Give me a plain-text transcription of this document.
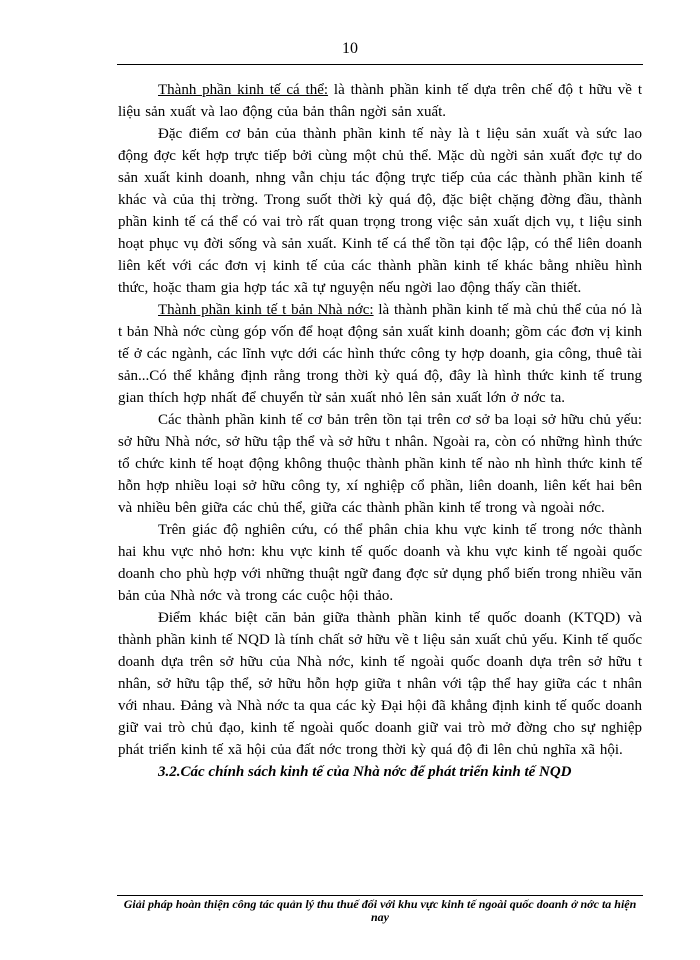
10

Thành phần kinh tế cá thể: là thành phần kinh tế dựa trên chế độ t hữu về t liệu sản xuất và lao động của bản thân ngời sản xuất.

Đặc điểm cơ bản của thành phần kinh tế này là t liệu sản xuất và sức lao động đợc kết hợp trực tiếp bởi cùng một chủ thể. Mặc dù ngời sản xuất đợc tự do sản xuất kinh doanh, nhng vẫn chịu tác động trực tiếp của các thành phần kinh tế khác và của thị trờng. Trong suốt thời kỳ quá độ, đặc biệt chặng đờng đầu, thành phần kinh tế cá thể có vai trò rất quan trọng trong việc sản xuất dịch vụ, t liệu sinh hoạt phục vụ đời sống và sản xuất. Kinh tế cá thể tồn tại độc lập, có thể liên doanh liên kết với các đơn vị kinh tế của các thành phần kinh tế khác bằng nhiều hình thức, hoặc tham gia hợp tác xã tự nguyện nếu ngời lao động thấy cần thiết.

Thành phần kinh tế t bản Nhà nớc: là thành phần kinh tế mà chủ thể của nó là t bản Nhà nớc cùng góp vốn để hoạt động sản xuất kinh doanh; gồm các đơn vị kinh tế ở các ngành, các lĩnh vực dới các hình thức công ty hợp doanh, gia công, thuê tài sản...Có thể khẳng định rằng trong thời kỳ quá độ, đây là hình thức kinh tế trung gian thích hợp nhất để chuyển từ sản xuất nhỏ lên sản xuất lớn ở nớc ta.

Các thành phần kinh tế cơ bản trên tồn tại trên cơ sở ba loại sở hữu chủ yếu: sở hữu Nhà nớc, sở hữu tập thể và sở hữu t nhân. Ngoài ra, còn có những hình thức tổ chức kinh tế hoạt động không thuộc thành phần kinh tế nào nh hình thức kinh tế hỗn hợp nhiều loại sở hữu công ty, xí nghiệp cổ phần, liên doanh, liên kết hai bên và nhiều bên giữa các chủ thể, giữa các thành phần kinh tế trong và ngoài nớc.

Trên giác độ nghiên cứu, có thể phân chia khu vực kinh tế trong nớc thành hai khu vực nhỏ hơn: khu vực kinh tế quốc doanh và khu vực kinh tế ngoài quốc doanh cho phù hợp với những thuật ngữ đang đợc sử dụng phổ biến trong nhiều văn bản của Nhà nớc và trong các cuộc hội thảo.

Điểm khác biệt căn bản giữa thành phần kinh tế quốc doanh (KTQD) và thành phần kinh tế NQD là tính chất sở hữu về t liệu sản xuất chủ yếu. Kinh tế quốc doanh dựa trên sở hữu của Nhà nớc, kinh tế ngoài quốc doanh dựa trên sở hữu t nhân, sở hữu tập thể, sở hữu hỗn hợp giữa t nhân với tập thể hay giữa các t nhân với nhau. Đảng và Nhà nớc ta qua các kỳ Đại hội đã khẳng định kinh tế quốc doanh giữ vai trò chủ đạo, kinh tế ngoài quốc doanh giữ vai trò mở đờng cho sự nghiệp phát triển kinh tế xã hội của đất nớc trong thời kỳ quá độ đi lên chủ nghĩa xã hội.

3.2.Các chính sách kinh tế của Nhà nớc để phát triển kinh tế NQD

Giải pháp hoàn thiện công tác quản lý thu thuế đối với khu vực kinh tế ngoài quốc doanh ở nớc ta hiện nay
